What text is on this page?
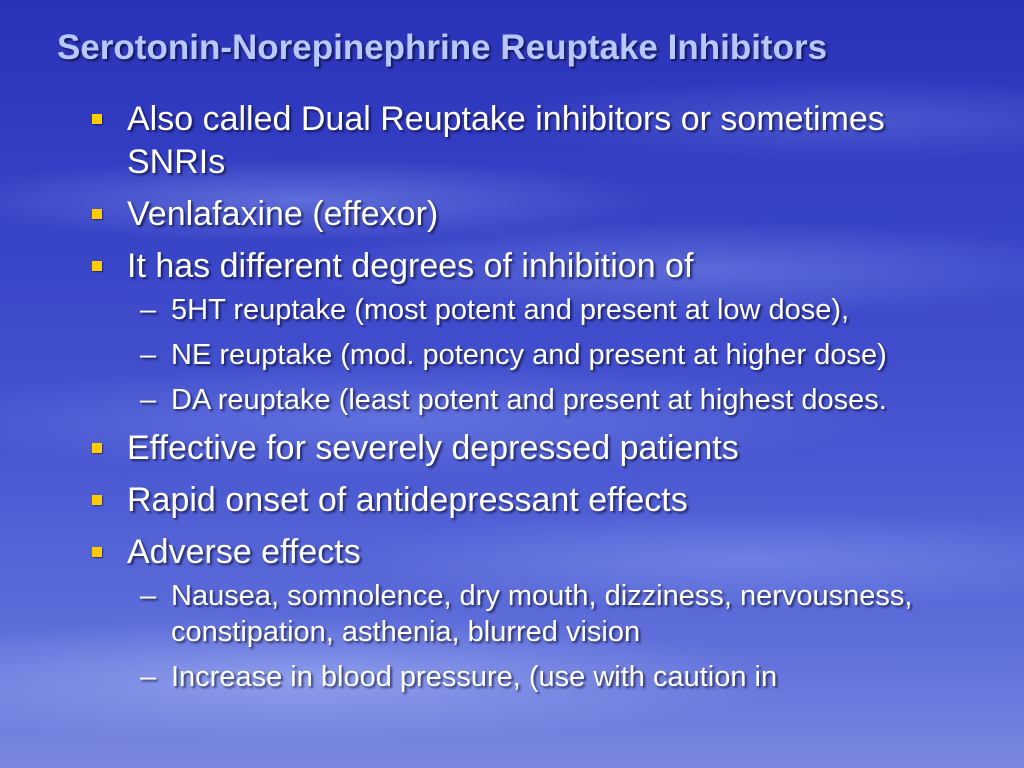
Serotonin-Norepinephrine Reuptake Inhibitors
Also called Dual Reuptake inhibitors or sometimes SNRIs
Venlafaxine (effexor)
It has different degrees of inhibition of
– 5HT reuptake (most potent and present at low dose),
– NE reuptake (mod. potency and present at higher dose)
– DA reuptake (least potent and present at highest doses.
Effective for severely depressed patients
Rapid onset of antidepressant effects
Adverse effects
– Nausea, somnolence, dry mouth, dizziness, nervousness, constipation, asthenia, blurred vision
– Increase in blood pressure, (use with caution in
